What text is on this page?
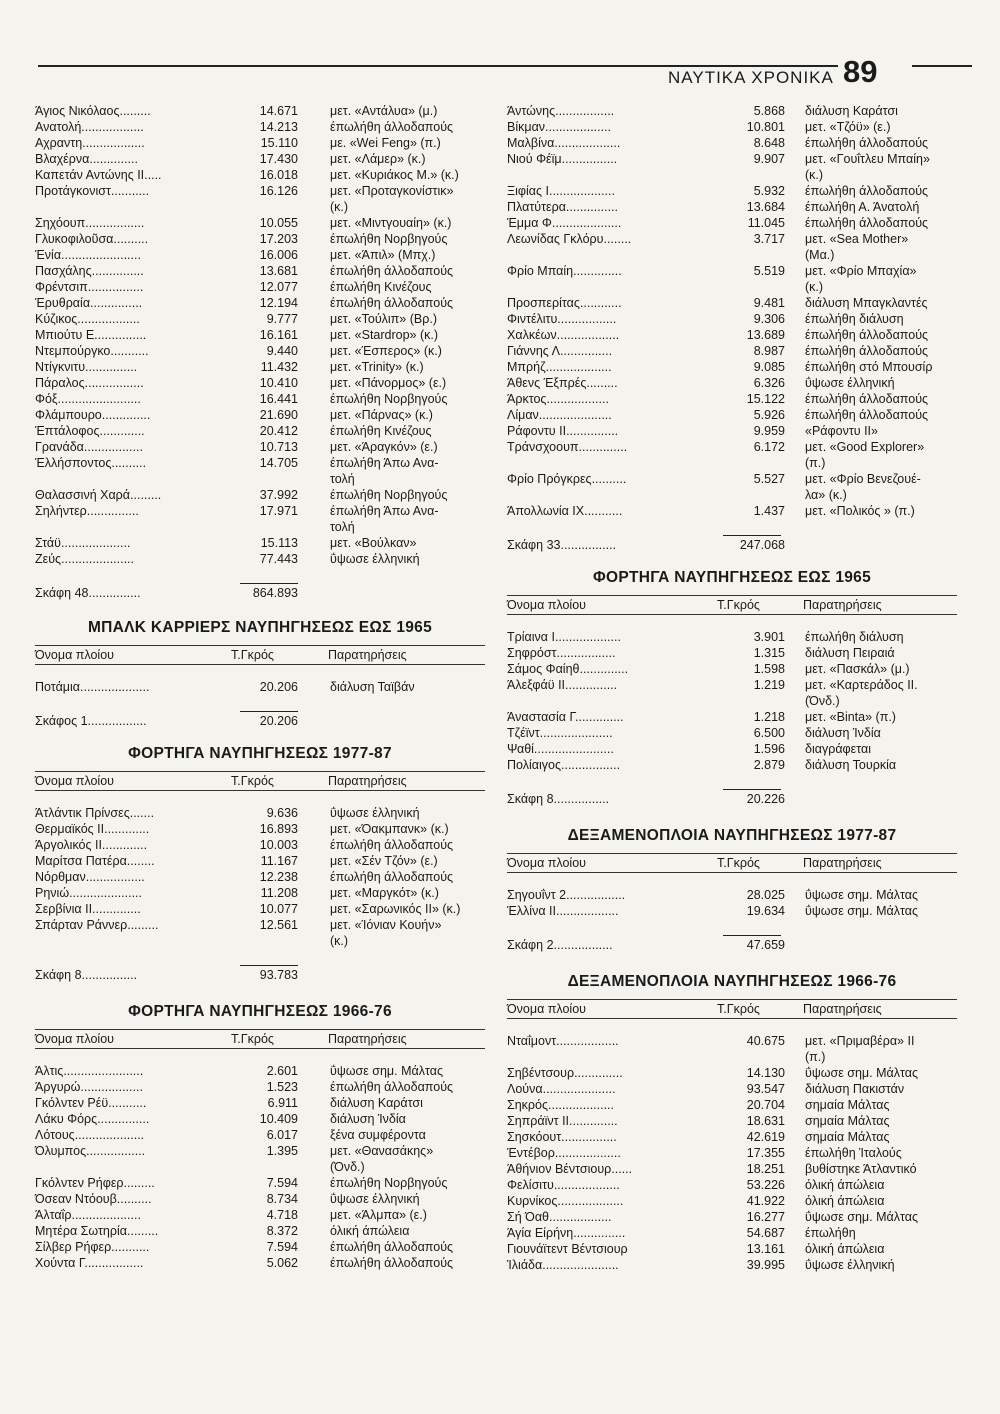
ΝΑΥΤΙΚΑ ΧΡΟΝΙΚΑ 89
Άγιος Νικόλαος.........	14.671	μετ. «Αντάλυα» (μ.)
Ανατολή..................	14.213	έπωλήθη άλλοδαπούς
Αχραντη..................	15.110	με. «Wei Feng» (π.)
Βλαχέρνα..............	17.430	μετ. «Λάμερ» (κ.)
Καπετάν Αντώνης ΙΙ.....	16.018	μετ. «Κυριάκος Μ.» (κ.)
Προτάγκονιστ...........	16.126	μετ. «Προταγκονίστικ»
(κ.)
Σηχόουπ.................	10.055	μετ. «Μιντγουαίη» (κ.)
Γλυκοφιλοῦσα..........	17.203	έπωλήθη Νορβηγούς
Ένία.......................	16.006	μετ. «Άπιλ» (Μπχ.)
Πασχάλης...............	13.681	έπωλήθη άλλοδαπούς
Φρέντσιπ................	12.077	έπωλήθη Κινέζους
Έρυθραία...............	12.194	έπωλήθη άλλοδαπούς
Κύζικος..................	9.777	μετ. «Τούλιπ» (Βρ.)
Μπιούτυ Ε...............	16.161	μετ. «Stardrop» (κ.)
Ντεμπούργκο...........	9.440	μετ. «Έσπερος» (κ.)
Ντίγκνιτυ...............	11.432	μετ. «Trinity» (κ.)
Πάραλος.................	10.410	μετ. «Πάνορμος» (ε.)
Φόξ........................	16.441	έπωλήθη Νορβηγούς
Φλάμπουρο..............	21.690	μετ. «Πάρνας» (κ.)
Έπτάλοφος.............	20.412	έπωλήθη Κινέζους
Γρανάδα.................	10.713	μετ. «Άραγκόν» (ε.)
Έλλήσποντος..........	14.705	έπωλήθη Άπω Ανα-
τολή
Θαλασσινή Χαρά.........	37.992	έπωλήθη Νορβηγούς
Σηλήντερ...............	17.971	έπωλήθη Άπω Ανα-
τολή
Στάϋ....................	15.113	μετ. «Βούλκαν»
Ζεύς.....................	77.443	ΰψωσε έλληνική
Σκάφη 48...............	864.893
ΜΠΑΛΚ ΚΑΡΡΙΕΡΣ ΝΑΥΠΗΓΗΣΕΩΣ ΕΩΣ 1965
Όνομα πλοίου	Τ.Γκρός	Παρατηρήσεις
Ποτάμια....................	20.206	διάλυση Ταϊβάν
Σκάφος 1.................	20.206
ΦΟΡΤΗΓΑ ΝΑΥΠΗΓΗΣΕΩΣ 1977-87
Όνομα πλοίου	Τ.Γκρός	Παρατηρήσεις
Άτλάντικ Πρίνσες.......	9.636	ΰψωσε έλληνική
Θερμαϊκός ΙΙ.............	16.893	μετ. «Όακμπανκ» (κ.)
Άργολικός ΙΙ.............	10.003	έπωλήθη άλλοδαπούς
Μαρίτσα Πατέρα........	11.167	μετ. «Σέν Τζόν» (ε.)
Νόρθμαν.................	12.238	έπωλήθη άλλοδαπούς
Ρηνιώ.....................	11.208	μετ. «Μαργκότ» (κ.)
Σερβίνια ΙΙ..............	10.077	μετ. «Σαρωνικός ΙΙ» (κ.)
Σπάρταν Ράννερ.........	12.561	μετ. «Ίόνιαν Κουήν»
(κ.)
Σκάφη 8................	93.783
ΦΟΡΤΗΓΑ ΝΑΥΠΗΓΗΣΕΩΣ 1966-76
Όνομα πλοίου	Τ.Γκρός	Παρατηρήσεις
Άλτις.......................	2.601	ΰψωσε σημ. Μάλτας
Άργυρώ..................	1.523	έπωλήθη άλλοδαπούς
Γκόλντεν Ρέϋ...........	6.911	διάλυση Καράτσι
Λάκυ Φόρς...............	10.409	διάλυση Ίνδία
Λότους....................	6.017	ξένα συμφέροντα
Όλυμπος.................	1.395	μετ. «Θανασάκης»
(Όνδ.)
Γκόλντεν Ρήφερ.........	7.594	έπωλήθη Νορβηγούς
Όσεαν Ντόουβ..........	8.734	ΰψωσε έλληνική
Άλταΐρ....................	4.718	μετ. «Άλμπα» (ε.)
Μητέρα Σωτηρία.........	8.372	όλική άπώλεια
Σίλβερ Ρήφερ...........	7.594	έπωλήθη άλλοδαπούς
Χούντα Γ.................	5.062	έπωλήθη άλλοδαπούς
Άντώνης.................	5.868 διάλυση Καράτσι
Βίκμαν...................	10.801 μετ. «Τζόϋ» (ε.)
Μαλβίνα...................	8.648 έπωλήθη άλλοδαπούς
Νιού Φέϊμ................	9.907 μετ. «Γουΐτλευ Μπαίη»
(κ.)
Ξιφίας Ι...................	5.932 έπωλήθη άλλοδαπούς
Πλατύτερα...............	13.684 έπωλήθη Α. Άνατολή
Έμμα Φ....................	11.045 έπωλήθη άλλοδαπούς
Λεωνίδας Γκλόρυ........	3.717 μετ. «Sea Mother»
(Μα.)
Φρίο Μπαίη..............	5.519 μετ. «Φρίο Μπαχία»
(κ.)
Προσπερίτας............	9.481 διάλυση Μπαγκλαντές
Φιντέλιτυ.................	9.306 έπωλήθη διάλυση
Χαλκέων..................	13.689 έπωλήθη άλλοδαπούς
Γιάννης Λ...............	8.987 έπωλήθη άλλοδαπούς
Μπρήζ...................	9.085 έπωλήθη στό Μπουσίρ
Άθενς Έξπρές.........	6.326 ΰψωσε έλληνική
Άρκτος..................	15.122 έπωλήθη άλλοδαπούς
Λίμαν.....................	5.926 έπωλήθη άλλοδαπούς
Ράφοντυ ΙΙ...............	9.959 «Ράφοντυ ΙΙ»
Τράνσχοουπ..............	6.172 μετ. «Good Explorer»
(π.)
Φρίο Πρόγκρες..........	5.527 μετ. «Φρίο Βενεζουέ-
λα» (κ.)
Άπολλωνία ΙΧ...........	1.437 μετ. «Πολικός » (π.)
Σκάφη 33................	247.068
ΦΟΡΤΗΓΑ ΝΑΥΠΗΓΗΣΕΩΣ ΕΩΣ 1965
Όνομα πλοίου	Τ.Γκρός	Παρατηρήσεις
Τρίαινα Ι...................	3.901 έπωλήθη διάλυση
Σηφρόστ.................	1.315 διάλυση Πειραιά
Σάμος Φαίηθ..............	1.598 μετ. «Πασκάλ» (μ.)
Άλεξφάϋ ΙΙ...............	1.219 μετ. «Καρτεράδος ΙΙ.
(Όνδ.)
Άναστασία Γ..............	1.218 μετ. «Binta» (π.)
Τζέϊντ.....................	6.500 διάλυση Ίνδία
Ψαθί.......................	1.596 διαγράφεται
Πολίαιγος.................	2.879 διάλυση Τουρκία
Σκάφη 8................	20.226
ΔΕΞΑΜΕΝΟΠΛΟΙΑ ΝΑΥΠΗΓΗΣΕΩΣ 1977-87
Όνομα πλοίου	Τ.Γκρός	Παρατηρήσεις
Σηγουΐντ 2.................	28.025 ΰψωσε σημ. Μάλτας
Έλλίνα ΙΙ..................	19.634 ΰψωσε σημ. Μάλτας
Σκάφη 2.................	47.659
ΔΕΞΑΜΕΝΟΠΛΟΙΑ ΝΑΥΠΗΓΗΣΕΩΣ 1966-76
Όνομα πλοίου	Τ.Γκρός	Παρατηρήσεις
Νταΐμοντ..................	40.675 μετ. «Πριμαβέρα» ΙΙ
(π.)
Σηβέντσουρ..............	14.130 ΰψωσε σημ. Μάλτας
Λούνα.....................	93.547 διάλυση Πακιστάν
Σηκρός...................	20.704 σημαία Μάλτας
Σηπράϊντ ΙΙ..............	18.631 σημαία Μάλτας
Σησκόουτ................	42.619 σημαία Μάλτας
Έντέβορ...................	17.355 έπωλήθη Ίταλούς
Άθήνιον Βέντσιουρ......	18.251 βυθίστηκε Άτλαντικό
Φελίσιτυ...................	53.226 όλική άπώλεια
Κυρνίκος...................	41.922 όλική άπώλεια
Σή Όαθ..................	16.277 ΰψωσε σημ. Μάλτας
Άγία Είρήνη...............	54.687 έπωλήθη
Γιουνάϊτεντ Βέντσιουρ	13.161 όλική άπώλεια
Ίλιάδα......................	39.995 ΰψωσε έλληνική
